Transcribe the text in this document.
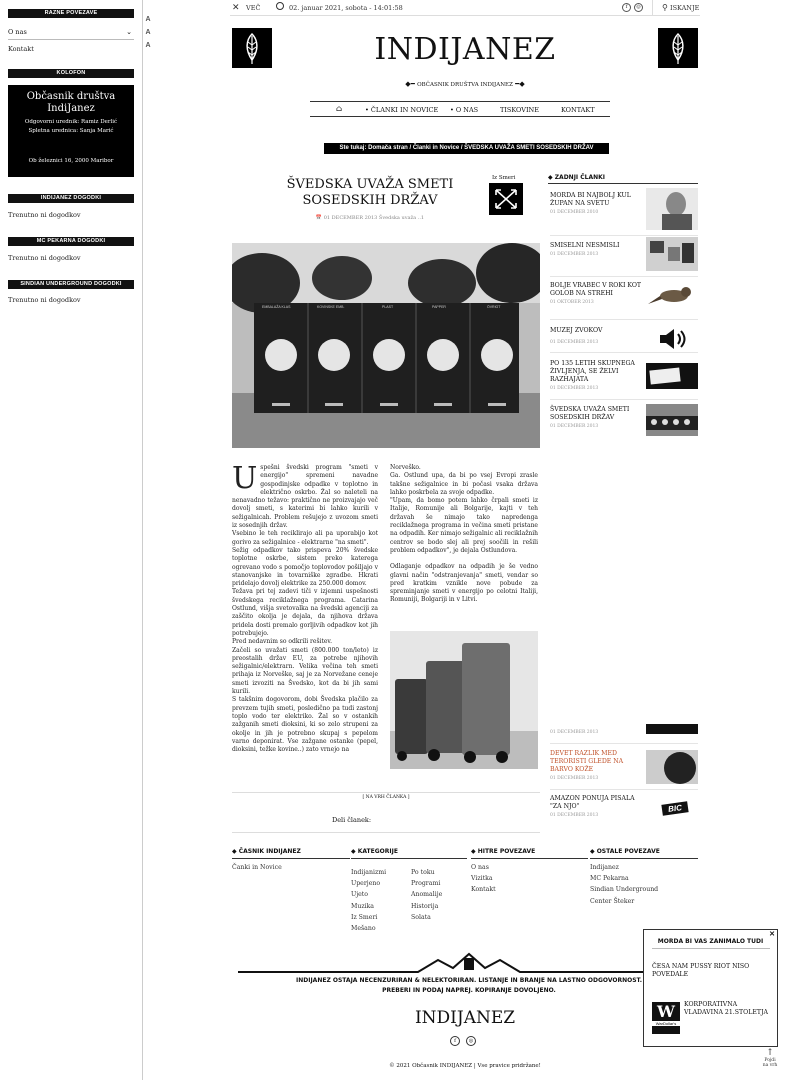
RAZNE POVEZAVE
O nas	⌄
Kontakt
KOLOFON
Občasnik društva
IndiJanez
Odgovorni urednik: Ramiz Derlić
Spletna urednica: Sanja Marić
Ob železnici 16, 2000 Maribor
INDIJANEZ DOGODKI
Trenutno ni dogodkov
MC PEKARNA DOGODKI
Trenutno ni dogodkov
SINDIAN UNDERGROUND DOGODKI
Trenutno ni dogodkov
A
A
A
✕ VEČ	02. januar 2021, sobota - 14:01:58	f	◎	⚲ ISKANJE
INDIJANEZ
◆━ OBČASNIK DRUŠTVA INDIJANEZ ━◆
⌂	• ČLANKI IN NOVICE • O NAS	TISKOVINE	KONTAKT
Ste tukaj: Domača stran / Članki in Novice / ŠVEDSKA UVAŽA SMETI SOSEDSKIH DRŽAV
ŠVEDSKA UVAŽA SMETI
SOSEDSKIH DRŽAV
📅 01 DECEMBER 2013 Švedska uvaža ..1
Iz Smeri
EMBALAŽA KLAS	KOVINSKE EMB.	PLAST	PAPPER	ÖVRIGT
U spešni švedski program "smeti v energijo" spremeni navadne gospodinjske odpadke v toplotno in električno oskrbo. Žal so naleteli na nenavadno težavo: praktično ne proizvajajo več dovolj smeti, s katerimi bi lahko kurili v sežigalnicah. Problem rešujejo z uvozom smeti iz sosednjih držav.

Vsebino le teh reciklirajo ali pa uporabijo kot gorivo za sežigalnice - elektrarne "na smeti".

Sežig odpadkov tako prispeva 20% švedske toplotne oskrbe, sistem preko katerega ogrevano vodo s pomočjo toplovodov pošiljajo v stanovanjske in tovarniške zgradbe. Hkrati pridelajo dovolj elektrike za 250.000 domov.

Težava pri tej zadevi tiči v izjemni uspešnosti švedskega reciklažnega programa. Catarina Ostlund, višja svetovalka na švedski agenciji za zaščito okolja je dejala, da njihova država pridela dosti premalo gorljivih odpadkov kot jih potrebujejo.

Pred nedavnim so odkrili rešitev.

Začeli so uvažati smeti (800.000 ton/leto) iz preostalih držav EU, za potrebe njihovih sežigalnic/elektrarn. Velika večina teh smeti prihaja iz Norveške, saj je za Norvežane ceneje smeti izvoziti na Švedsko, kot da bi jih sami kurili.

S takšnim dogovorom, dobi Švedska plačilo za prevzem tujih smeti, posledično pa tudi zastonj toplo vodo ter elektriko. Žal so v ostankih zažganih smeti dioksini, ki so zelo strupeni za okolje in jih je potrebno skupaj s pepelom varno deponirat. Vse zažgane ostanke (pepel, dioksini, težke kovine..) zato vrnejo na

Norveško.

Ga. Ostlund upa, da bi po vsej Evropi zrasle takšne sežigalnice in bi počasi vsaka država lahko poskrbela za svoje odpadke.

"Upam, da bomo potem lahko črpali smeti iz Italije, Romunije ali Bolgarije, kajti v teh državah še nimajo tako napredenga reciklažnega programa in večina smeti pristane na odpadih. Ker nimajo sežigalnic ali reciklažnih centrov se bodo slej ali prej soočili in rešili problem odpadkov", je dejala Ostlundova.

Odlaganje odpadkov na odpadih je še vedno glavni način "odstranjevanja" smeti, vendar so pred kratkim vznikle nove pobude za spreminjanje smeti v energijo po celotni Italiji, Romuniji, Bolgariji in v Litvi.

[ NA VRH ČLANKA ]
Deli članek:
◆ ZADNJI ČLANKI
MORDA BI NAJBOLJ KUL ŽUPAN NA SVETU
01 DECEMBER 2010
SMISELNI NESMISLI
01 DECEMBER 2013
BOLJE VRABEC V ROKI KOT GOLOB NA STREHI
01 OKTOBER 2013
MUZEJ ZVOKOV
01 DECEMBER 2013
PO 135 LETIH SKUPNEGA ŽIVLJENJA, SE ŽELVI RAZHAJATA
01 DECEMBER 2013
ŠVEDSKA UVAŽA SMETI SOSEDSKIH DRŽAV
01 DECEMBER 2013
01 DECEMBER 2013
DEVET RAZLIK MED TERORISTI GLEDE NA BARVO KOŽE
01 DECEMBER 2013
AMAZON PONUJA PISALA "ZA NJO"
01 DECEMBER 2013
BIC
◆ ČASNIK INDIJANEZ
Čanki in Novice
◆ KATEGORIJE
Indijanizmi
Uperjeno
Ujeto
Muzika
Iz Smeri
Mešano
Po toku
Programi
Anomalije
Historija
Solata
◆ HITRE POVEZAVE
O nas
Vizitka
Kontakt
◆ OSTALE POVEZAVE
Indijanez
MC Pekarna
Sindian Underground
Center Šteker
INDIJANEZ OSTAJA NECENZURIRAN & NELEKTORIRAN. LISTANJE IN BRANJE NA LASTNO ODGOVORNOST.
PREBERI IN PODAJ NAPREJ. KOPIRANJE DOVOLJENO.
INDIJANEZ
f	◎
© 2021 Občasnik INDIJANEZ | Vse pravice pridržane!
✕
MORDA BI VAS ZANIMALO TUDI
ČESA NAM PUSSY RIOT NISO POVEDALE
W
WarDollar's
KORPORATIVNA VLADAVINA 21.STOLETJA
↑
Pojdi
na vrh
